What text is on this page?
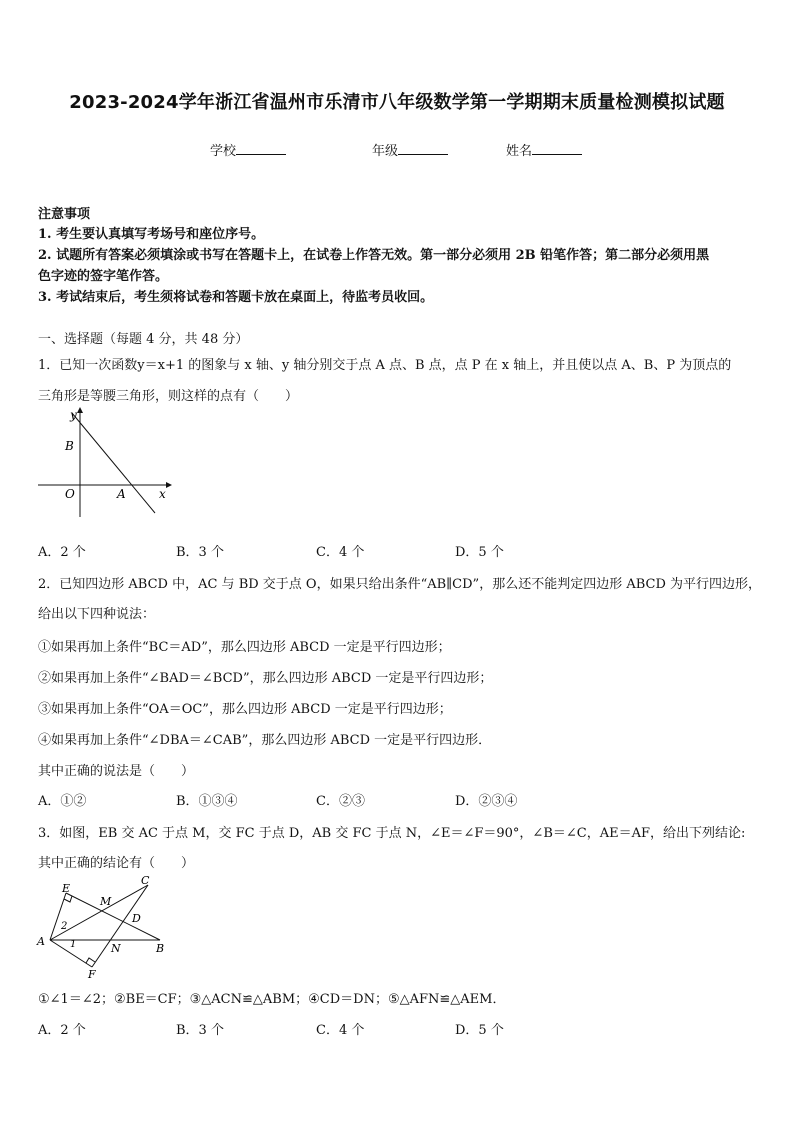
2023-2024学年浙江省温州市乐清市八年级数学第一学期期末质量检测模拟试题
学校	年级	姓名
注意事项
1. 考生要认真填写考场号和座位序号。
2. 试题所有答案必须填涂或书写在答题卡上，在试卷上作答无效。第一部分必须用 2B 铅笔作答；第二部分必须用黑
色字迹的签字笔作答。
3. 考试结束后，考生须将试卷和答题卡放在桌面上，待监考员收回。
一、选择题（每题 4 分，共 48 分）
1．已知一次函数y＝x+1 的图象与 x 轴、y 轴分别交于点 A 点、B 点，点 P 在 x 轴上，并且使以点 A、B、P 为顶点的
三角形是等腰三角形，则这样的点有（　　）
y
B
O	A	x
A．2 个	B．3 个	C．4 个	D．5 个
2．已知四边形 ABCD 中，AC 与 BD 交于点 O，如果只给出条件“AB∥CD”，那么还不能判定四边形 ABCD 为平行四边形，
给出以下四种说法：
①如果再加上条件“BC＝AD”，那么四边形 ABCD 一定是平行四边形；
②如果再加上条件“∠BAD＝∠BCD”，那么四边形 ABCD 一定是平行四边形；
③如果再加上条件“OA＝OC”，那么四边形 ABCD 一定是平行四边形；
④如果再加上条件“∠DBA＝∠CAB”，那么四边形 ABCD 一定是平行四边形．
其中正确的说法是（　　）
A．①②	B．①③④	C．②③	D．②③④
3．如图，EB 交 AC 于点 M，交 FC 于点 D，AB 交 FC 于点 N，∠E＝∠F＝90°，∠B＝∠C，AE＝AF，给出下列结论:
其中正确的结论有（　　）
E
M
C
D
A
N	B
F
1
2
①∠1＝∠2；②BE＝CF；③△ACN≌△ABM；④CD＝DN；⑤△AFN≌△AEM．
A．2 个	B．3 个	C．4 个	D．5 个
